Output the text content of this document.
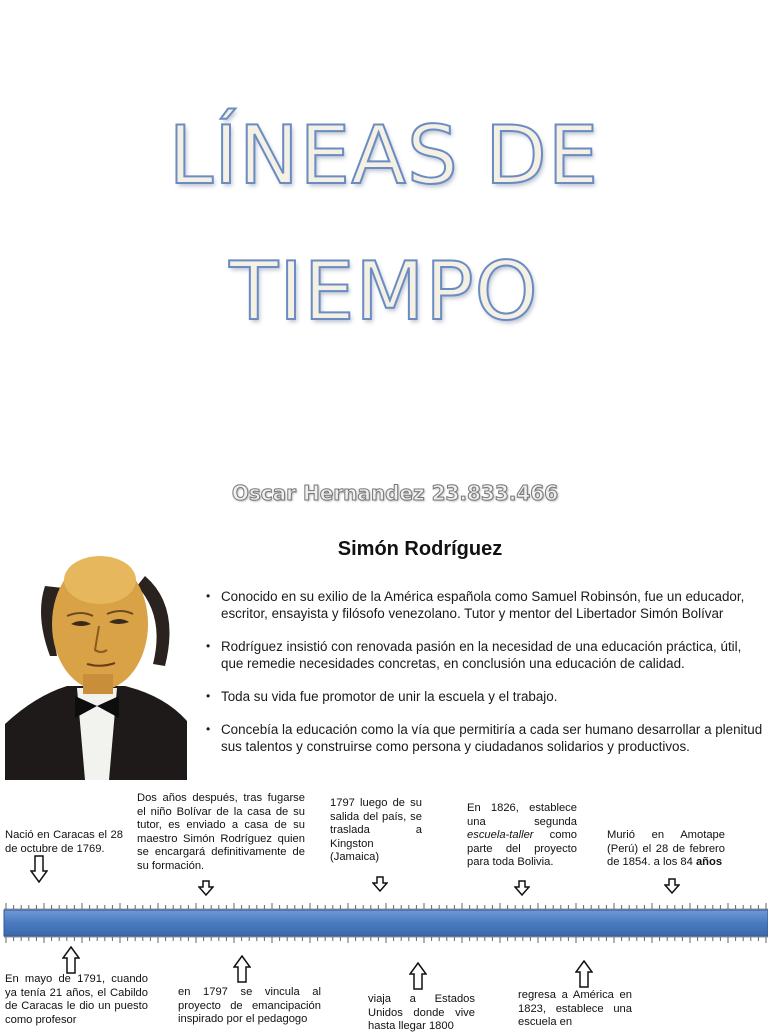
LÍNEAS DE
TIEMPO
Oscar Hernandez 23.833.466
Simón Rodríguez
• Conocido en su exilio de la América española como Samuel Robinsón, fue un educador, escritor, ensayista y filósofo venezolano. Tutor y mentor del Libertador Simón Bolívar
• Rodríguez insistió con renovada pasión en la necesidad de una educación práctica, útil, que remedie necesidades concretas, en conclusión una educación de calidad.
• Toda su vida fue promotor de unir la escuela y el trabajo.
• Concebía la educación como la vía que permitiría a cada ser humano desarrollar a plenitud sus talentos y construirse como persona y ciudadanos solidarios y productivos.
Nació en Caracas el 28 de octubre de 1769.
Dos años después, tras fugarse el niño Bolívar de la casa de su tutor, es enviado a casa de su maestro Simón Rodríguez quien se encargará definitivamente de su formación.
1797 luego de su salida del país, se traslada a Kingston (Jamaica)
En 1826, establece una segunda escuela-taller como parte del proyecto para toda Bolivia.
Murió en Amotape (Perú) el 28 de febrero de 1854. a los 84 años
En mayo de 1791, cuando ya tenía 21 años, el Cabildo de Caracas le dio un puesto como profesor
en 1797 se vincula al proyecto de emancipación inspirado por el pedagogo
viaja a Estados Unidos donde vive hasta llegar 1800
regresa a América en 1823, establece una escuela en
